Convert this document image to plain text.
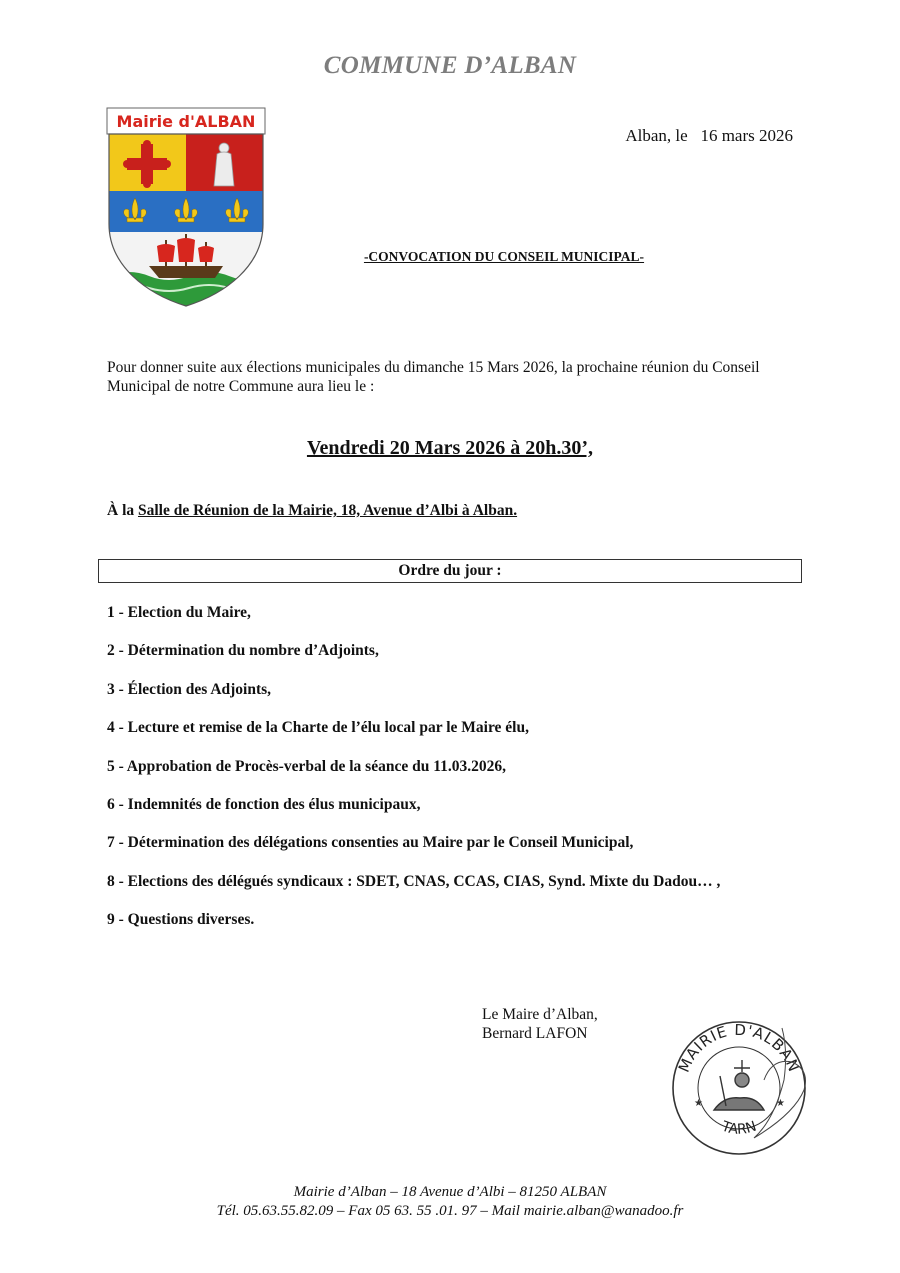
COMMUNE D’ALBAN
Mairie d'ALBAN
Alban, le   16 mars 2026
-CONVOCATION DU CONSEIL MUNICIPAL-
Pour donner suite aux élections municipales du dimanche 15 Mars 2026, la prochaine réunion du Conseil Municipal de notre Commune aura lieu le :
Vendredi 20 Mars 2026 à 20h.30’,
À la Salle de Réunion de la Mairie, 18, Avenue d’Albi à Alban.
Ordre du jour :
1 - Election du Maire,
2 - Détermination du nombre d’Adjoints,
3 - Élection des Adjoints,
4 - Lecture et remise de la Charte de l’élu local par le Maire élu,
5 - Approbation de Procès-verbal de la séance du 11.03.2026,
6 - Indemnités de fonction des élus municipaux,
7 - Détermination des délégations consenties au Maire par le Conseil Municipal,
8 - Elections des délégués syndicaux : SDET, CNAS, CCAS, CIAS, Synd. Mixte du Dadou… ,
9 - Questions diverses.
Le Maire d’Alban,
Bernard LAFON
MAIRIE D'ALBAN
TARN
★	★
Mairie d’Alban – 18 Avenue d’Albi – 81250 ALBAN
Tél. 05.63.55.82.09 – Fax 05 63. 55 .01. 97 – Mail mairie.alban@wanadoo.fr
